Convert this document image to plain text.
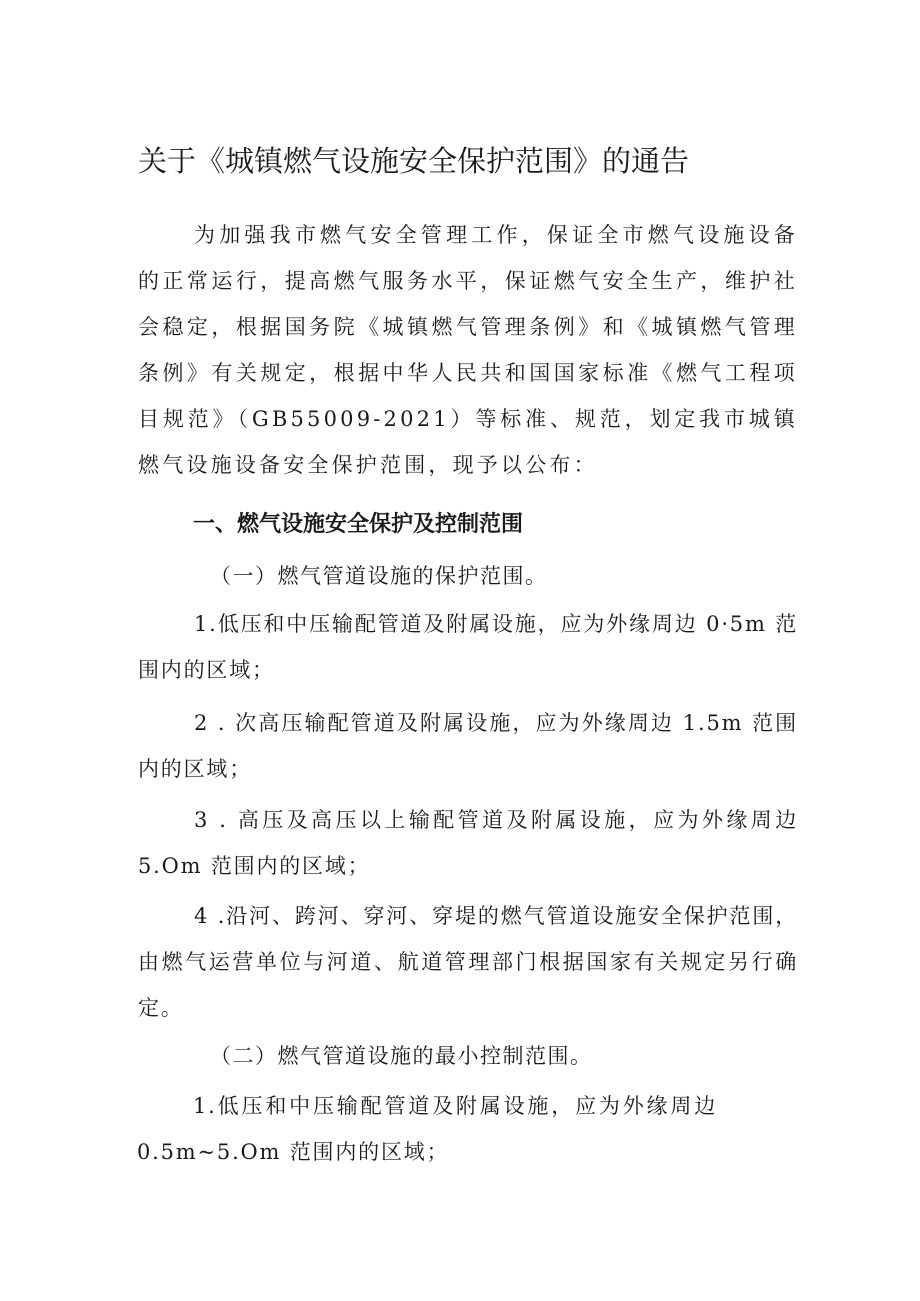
关于《城镇燃气设施安全保护范围》的通告

为加强我市燃气安全管理工作，保证全市燃气设施设备的正常运行，提高燃气服务水平，保证燃气安全生产，维护社会稳定，根据国务院《城镇燃气管理条例》和《城镇燃气管理条例》有关规定，根据中华人民共和国国家标准《燃气工程项目规范》（GB55009-2021）等标准、规范，划定我市城镇燃气设施设备安全保护范围，现予以公布：

一、燃气设施安全保护及控制范围

（一）燃气管道设施的保护范围。

1.低压和中压输配管道及附属设施，应为外缘周边 0·5m 范围内的区域；

2 . 次高压输配管道及附属设施，应为外缘周边 1.5m 范围内的区域；

3 . 高压及高压以上输配管道及附属设施，应为外缘周边 5.Om 范围内的区域；

4 .沿河、跨河、穿河、穿堤的燃气管道设施安全保护范围，由燃气运营单位与河道、航道管理部门根据国家有关规定另行确定。

（二）燃气管道设施的最小控制范围。

1.低压和中压输配管道及附属设施，应为外缘周边 0.5m~5.Om 范围内的区域；
